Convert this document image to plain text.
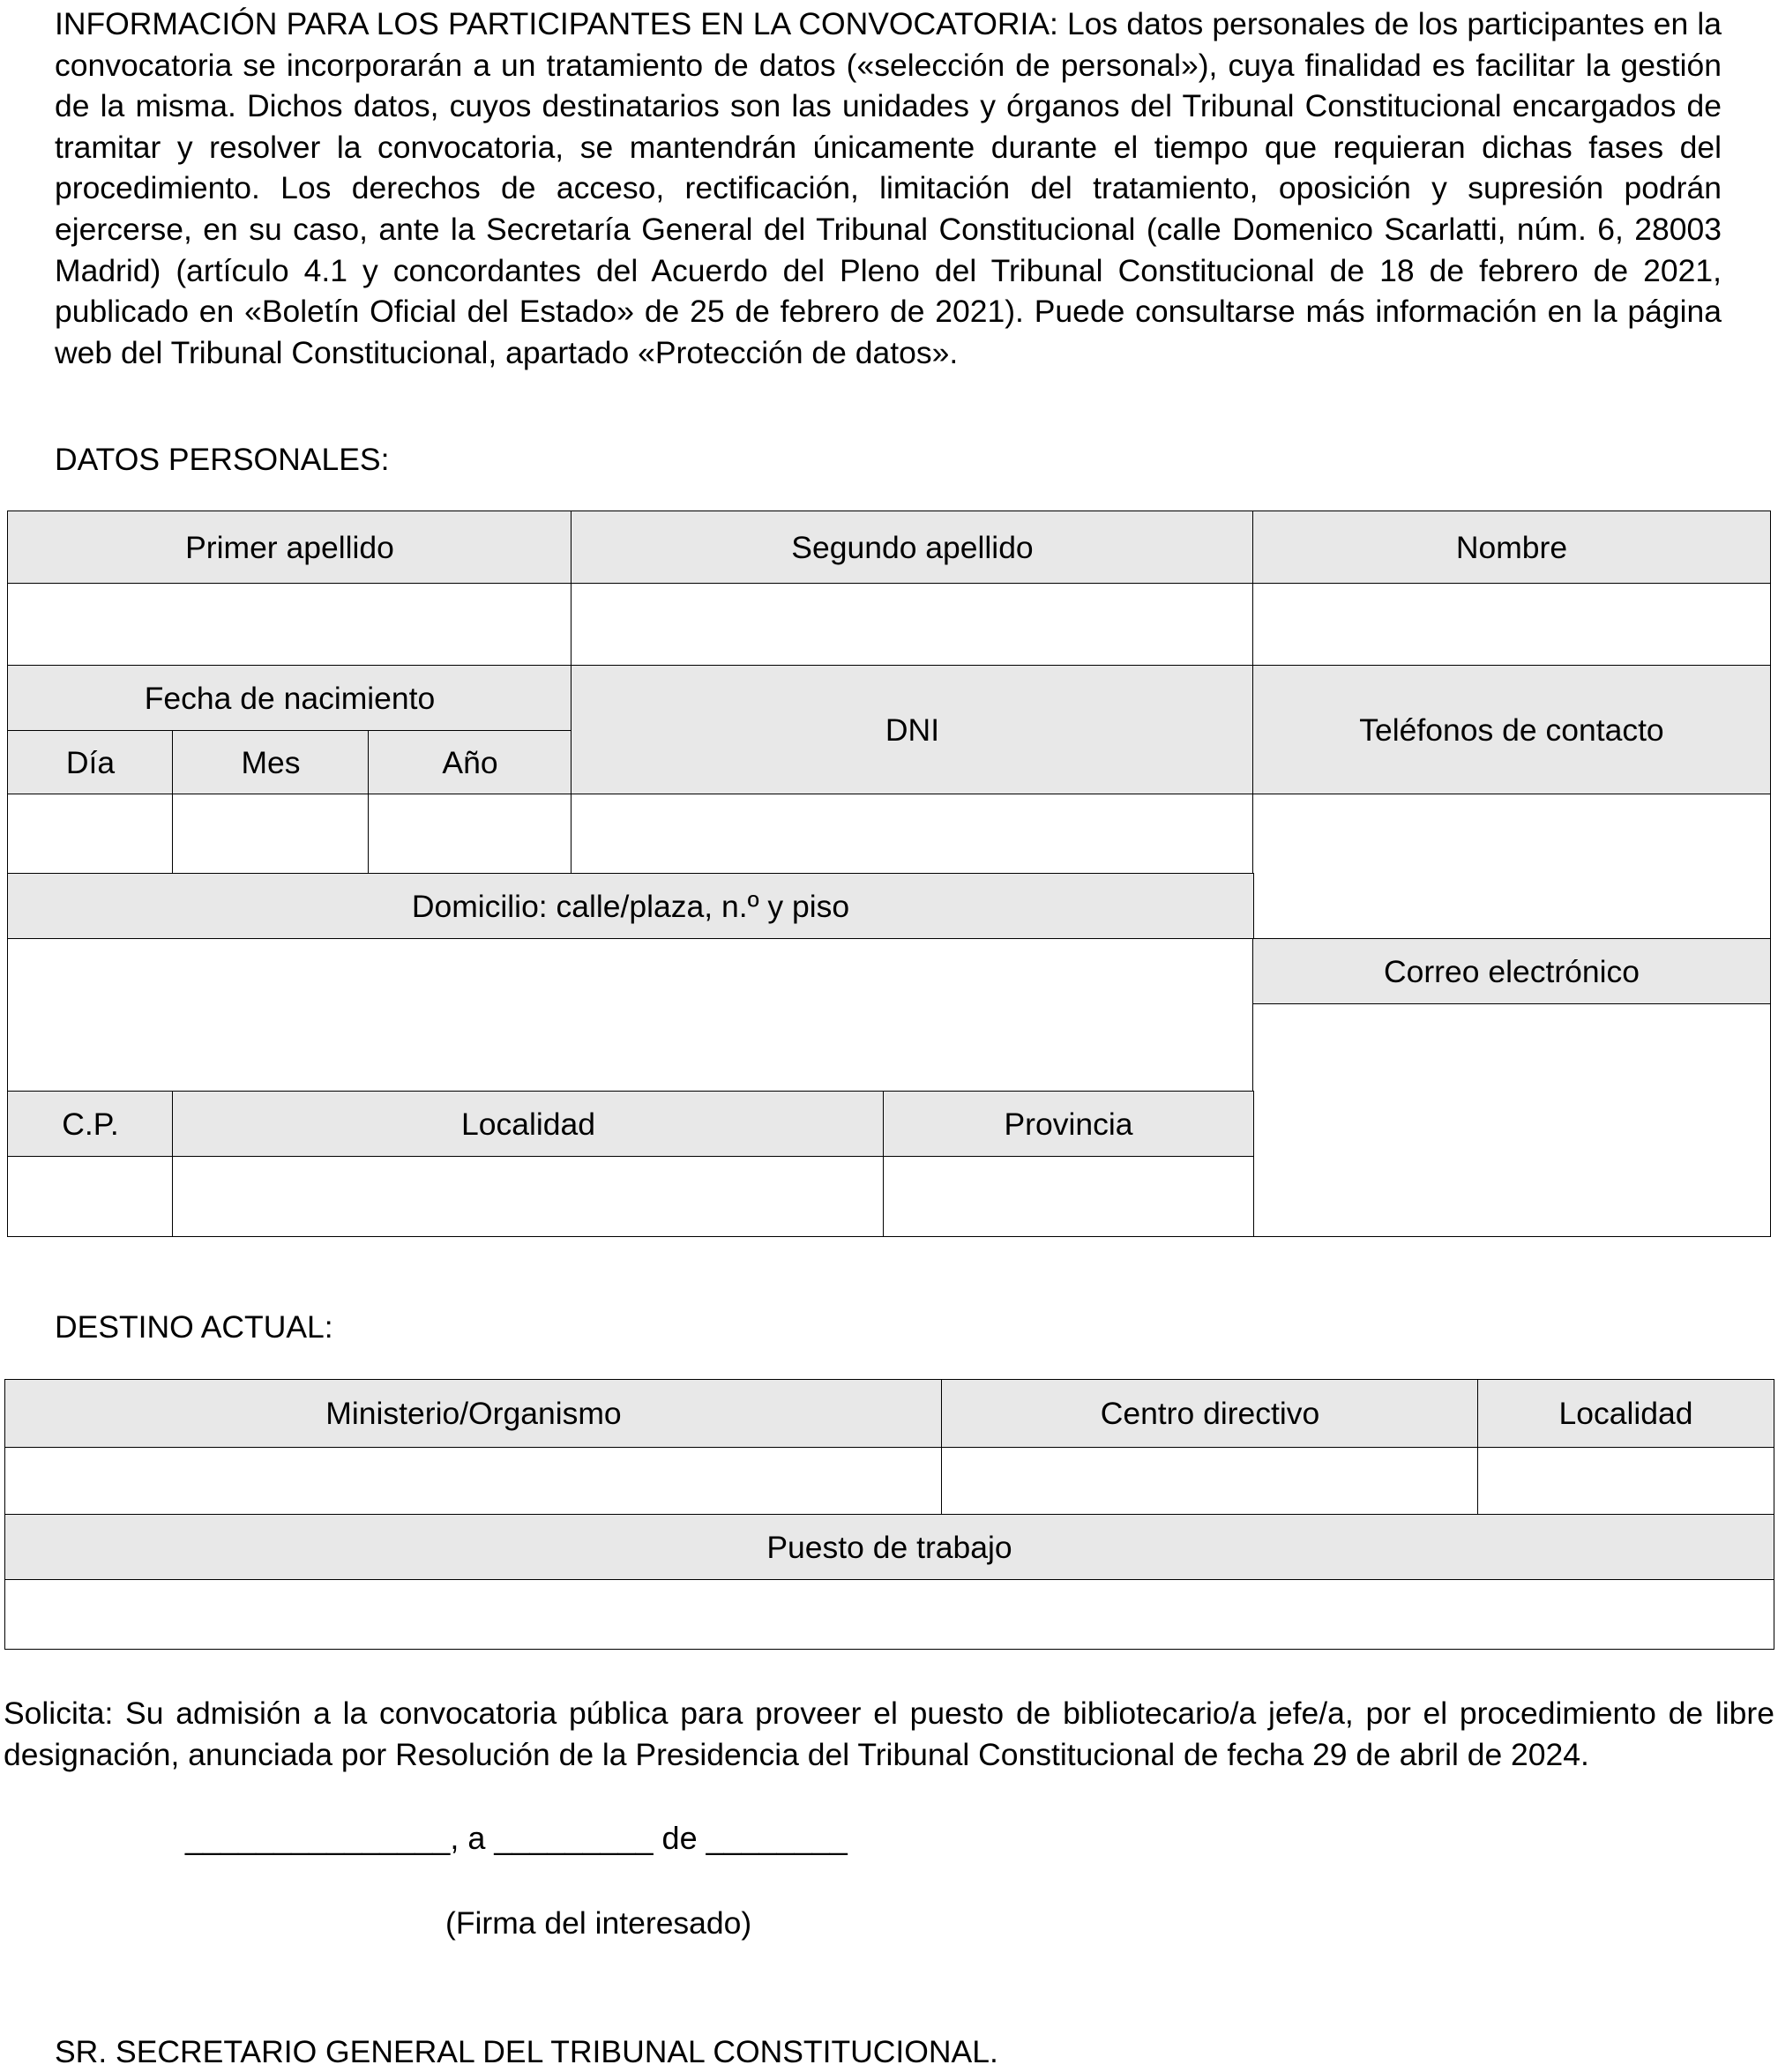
INFORMACIÓN PARA LOS PARTICIPANTES EN LA CONVOCATORIA: Los datos personales de los participantes en la convocatoria se incorporarán a un tratamiento de datos («selección de personal»), cuya finalidad es facilitar la gestión de la misma. Dichos datos, cuyos destinatarios son las unidades y órganos del Tribunal Constitucional encargados de tramitar y resolver la convocatoria, se mantendrán únicamente durante el tiempo que requieran dichas fases del procedimiento. Los derechos de acceso, rectificación, limitación del tratamiento, oposición y supresión podrán ejercerse, en su caso, ante la Secretaría General del Tribunal Constitucional (calle Domenico Scarlatti, núm. 6, 28003 Madrid) (artículo 4.1 y concordantes del Acuerdo del Pleno del Tribunal Constitucional de 18 de febrero de 2021, publicado en «Boletín Oficial del Estado» de 25 de febrero de 2021). Puede consultarse más información en la página web del Tribunal Constitucional, apartado «Protección de datos».

DATOS PERSONALES:
Primer apellido	Segundo apellido	Nombre
Fecha de nacimiento
Día	Mes	Año
DNI	Teléfonos de contacto
Domicilio: calle/plaza, n.º y piso
Correo electrónico
C.P.	Localidad	Provincia
DESTINO ACTUAL:
Ministerio/Organismo	Centro directivo	Localidad
Puesto de trabajo

Solicita: Su admisión a la convocatoria pública para proveer el puesto de bibliotecario/a jefe/a, por el procedimiento de libre designación, anunciada por Resolución de la Presidencia del Tribunal Constitucional de fecha 29 de abril de 2024.

_______________, a _________ de ________
(Firma del interesado)
SR. SECRETARIO GENERAL DEL TRIBUNAL CONSTITUCIONAL.
